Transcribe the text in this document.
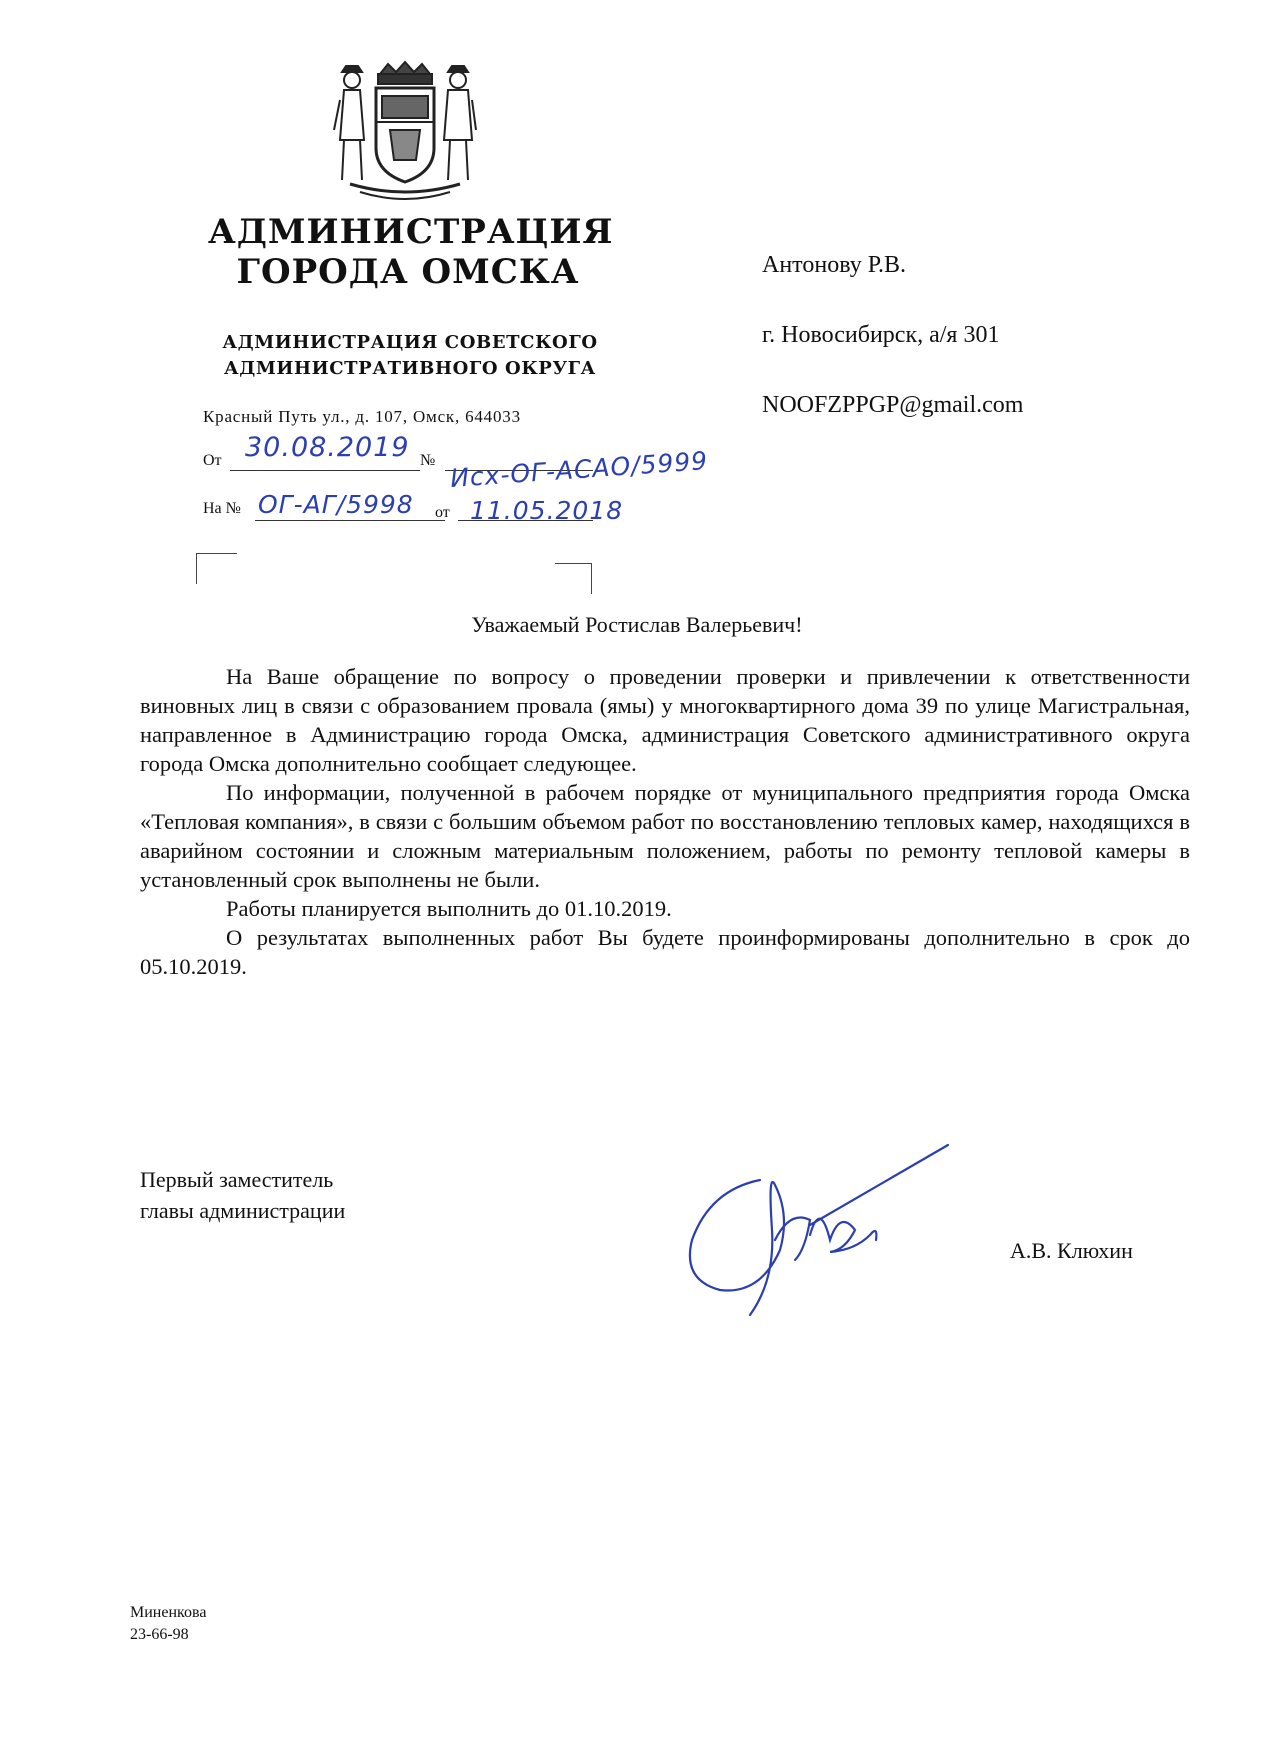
АДМИНИСТРАЦИЯ
ГОРОДА ОМСКА
АДМИНИСТРАЦИЯ СОВЕТСКОГО
АДМИНИСТРАТИВНОГО ОКРУГА
Красный Путь ул., д. 107, Омск, 644033
От 30.08.2019 № Исх-ОГ-АСАО/5999
На № ОГ-АГ/5998 от 11.05.2018
Антонову Р.В.
г. Новосибирск, а/я 301
NOOFZPPGP@gmail.com
Уважаемый Ростислав Валерьевич!

На Ваше обращение по вопросу о проведении проверки и привлечении к ответственности виновных лиц в связи с образованием провала (ямы) у многоквартирного дома 39 по улице Магистральная, направленное в Администрацию города Омска, администрация Советского административного округа города Омска дополнительно сообщает следующее.

По информации, полученной в рабочем порядке от муниципального предприятия города Омска «Тепловая компания», в связи с большим объемом работ по восстановлению тепловых камер, находящихся в аварийном состоянии и сложным материальным положением, работы по ремонту тепловой камеры в установленный срок выполнены не были.

Работы планируется выполнить до 01.10.2019.

О результатах выполненных работ Вы будете проинформированы дополнительно в срок до 05.10.2019.

Первый заместитель
главы администрации
А.В. Клюхин
Миненкова
23-66-98
